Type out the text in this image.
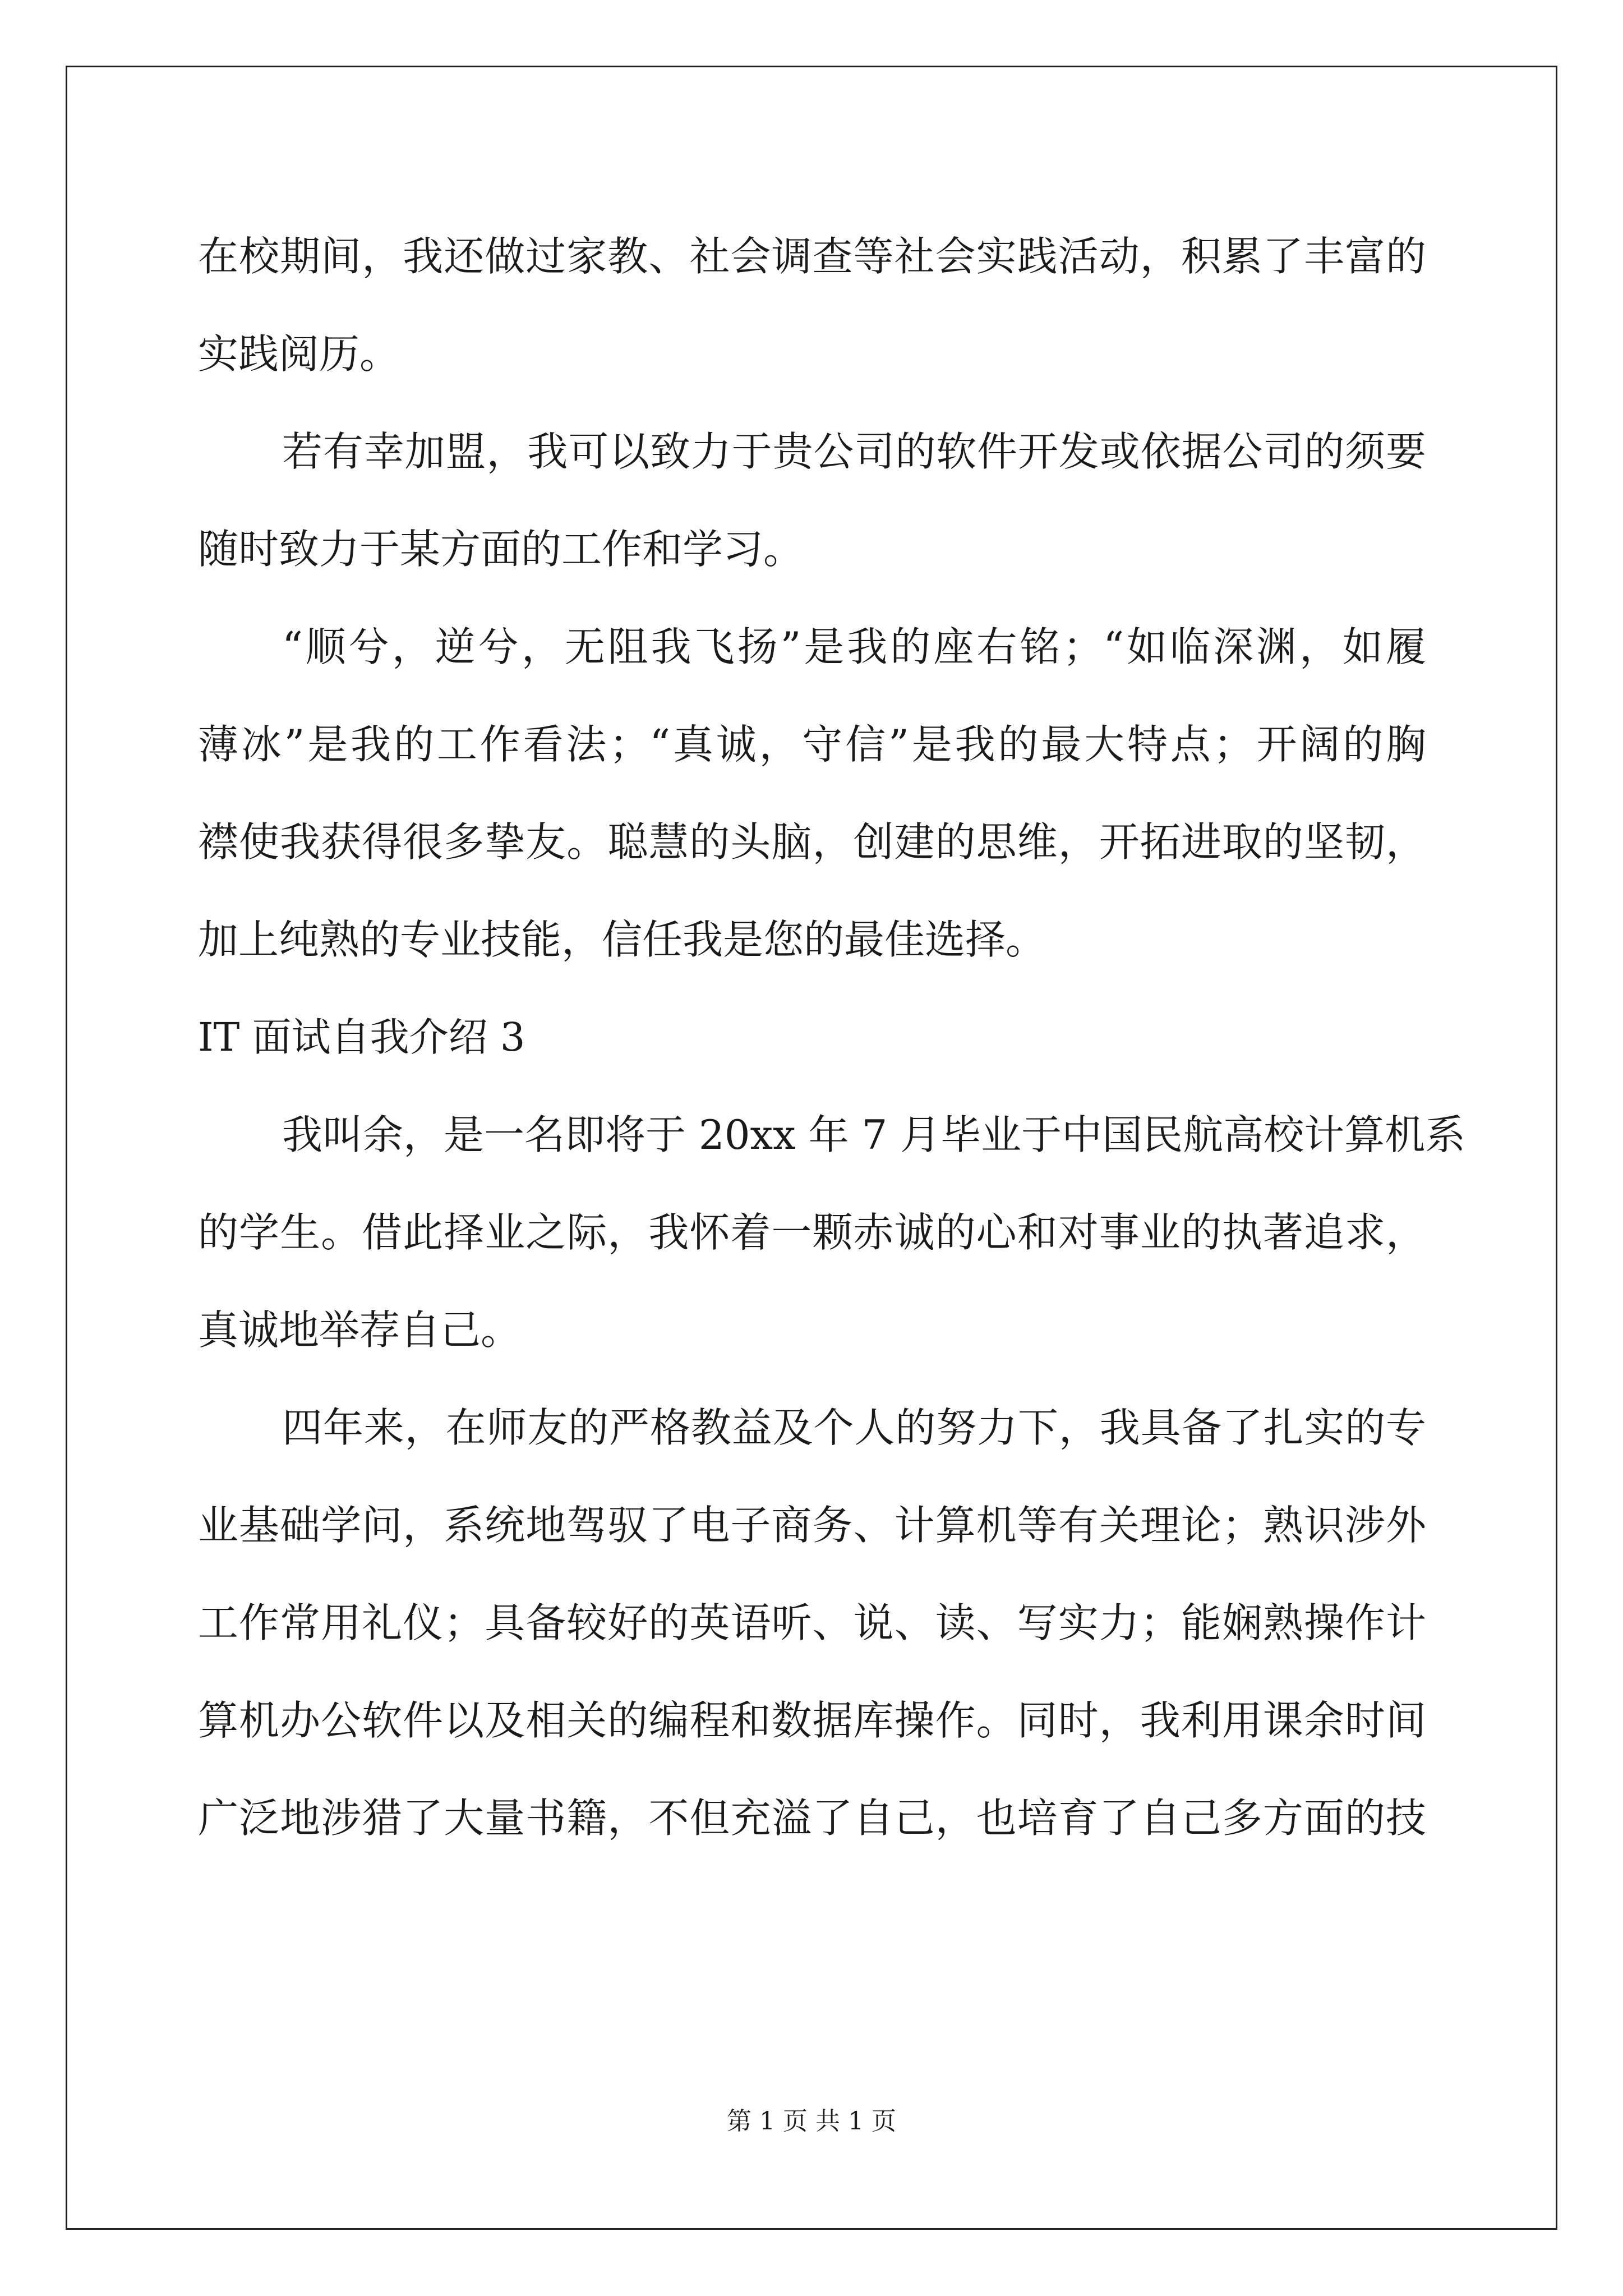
在校期间，我还做过家教、社会调查等社会实践活动，积累了丰富的
实践阅历。
若有幸加盟，我可以致力于贵公司的软件开发或依据公司的须要
随时致力于某方面的工作和学习。
“顺兮，逆兮，无阻我飞扬”是我的座右铭；“如临深渊，如履
薄冰”是我的工作看法；“真诚，守信”是我的最大特点；开阔的胸
襟使我获得很多挚友。聪慧的头脑，创建的思维，开拓进取的坚韧，
加上纯熟的专业技能，信任我是您的最佳选择。
IT 面试自我介绍 3
我叫余，是一名即将于 20xx 年 7 月毕业于中国民航高校计算机系
的学生。借此择业之际，我怀着一颗赤诚的心和对事业的执著追求，
真诚地举荐自己。
四年来，在师友的严格教益及个人的努力下，我具备了扎实的专
业基础学问，系统地驾驭了电子商务、计算机等有关理论；熟识涉外
工作常用礼仪；具备较好的英语听、说、读、写实力；能娴熟操作计
算机办公软件以及相关的编程和数据库操作。同时，我利用课余时间
广泛地涉猎了大量书籍，不但充溢了自己，也培育了自己多方面的技
第 1 页 共 1 页
